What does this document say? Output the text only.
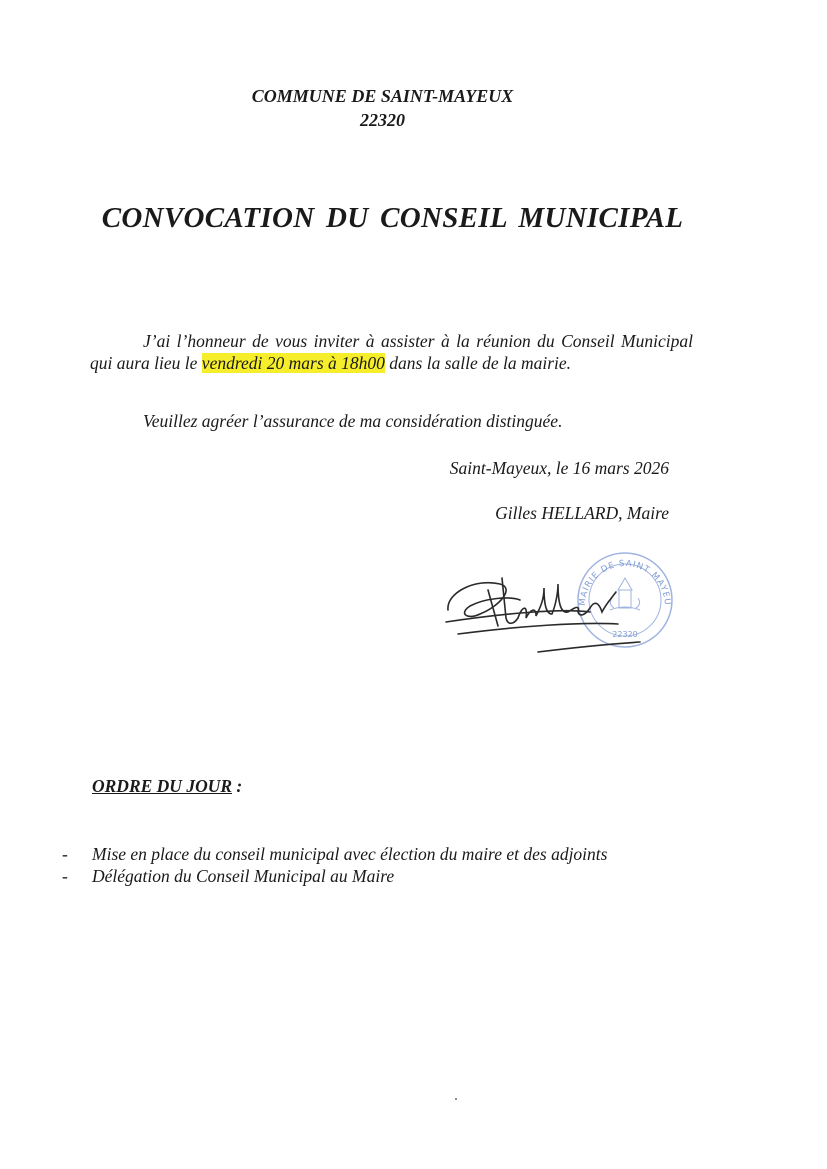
COMMUNE DE SAINT-MAYEUX
22320
CONVOCATION DU CONSEIL MUNICIPAL
J’ai l’honneur de vous inviter à assister à la réunion du Conseil Municipal qui aura lieu le vendredi 20 mars à 18h00 dans la salle de la mairie.
Veuillez agréer l’assurance de ma considération distinguée.
Saint-Mayeux, le 16 mars 2026
Gilles HELLARD, Maire
MAIRIE DE SAINT MAYEU
22320
ORDRE DU JOUR :
- Mise en place du conseil municipal avec élection du maire et des adjoints
- Délégation du Conseil Municipal au Maire
